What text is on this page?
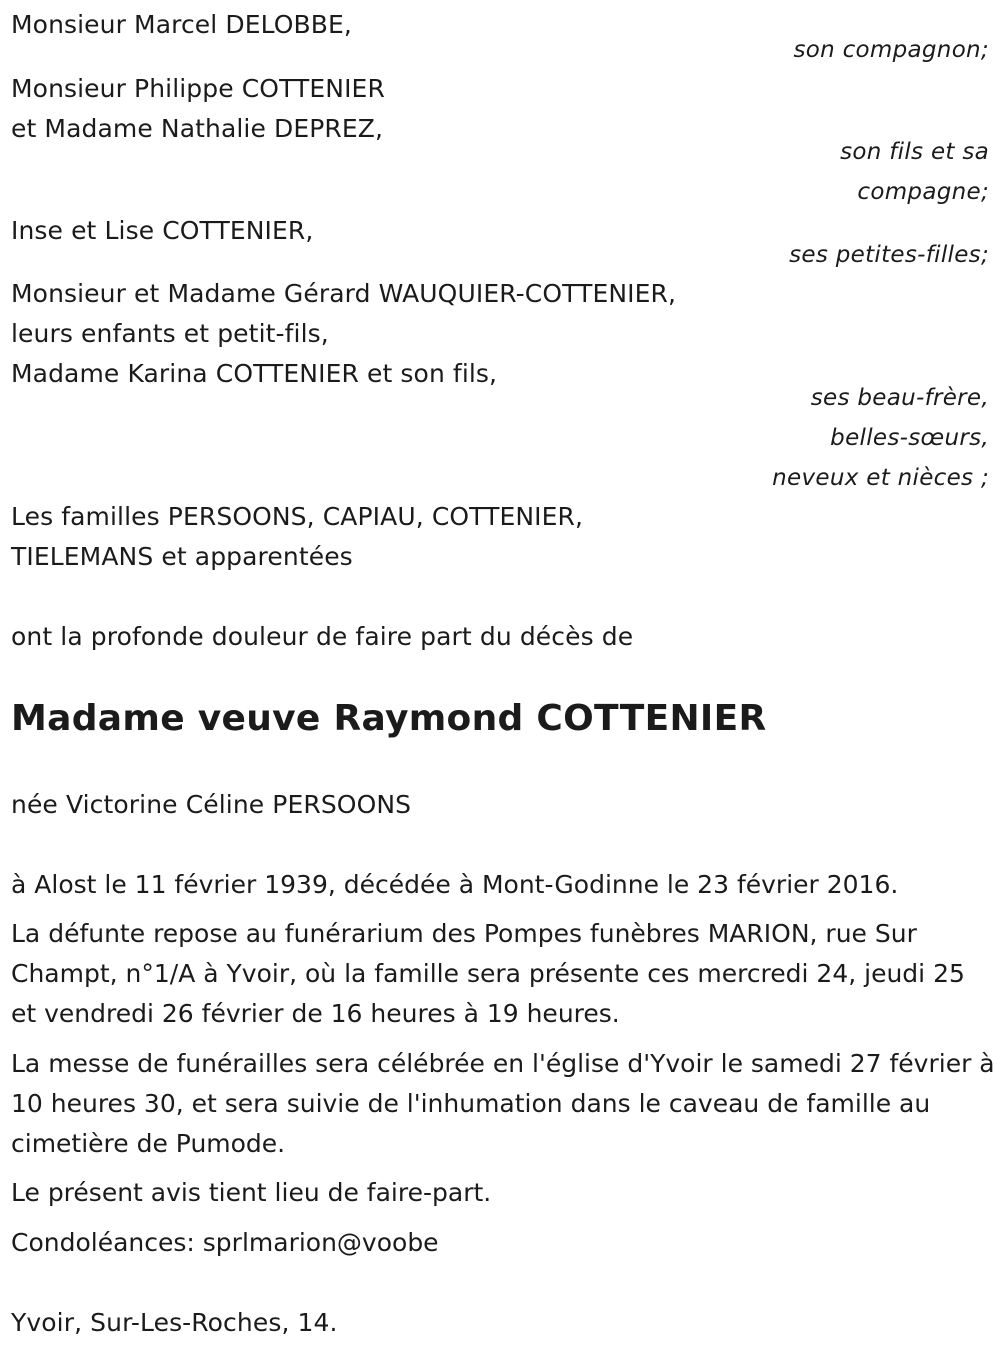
Monsieur Marcel DELOBBE,
son compagnon;
Monsieur Philippe COTTENIER
et Madame Nathalie DEPREZ,
son fils et sa
compagne;
Inse et Lise COTTENIER,
ses petites-filles;
Monsieur et Madame Gérard WAUQUIER-COTTENIER,
leurs enfants et petit-fils,
Madame Karina COTTENIER et son fils,
ses beau-frère,
belles-sœurs,
neveux et nièces ;
Les familles PERSOONS, CAPIAU, COTTENIER,
TIELEMANS et apparentées
ont la profonde douleur de faire part du décès de
Madame veuve Raymond COTTENIER
née Victorine Céline PERSOONS
à Alost le 11 février 1939, décédée à Mont-Godinne le 23 février 2016.
La défunte repose au funérarium des Pompes funèbres MARION, rue Sur Champt, n°1/A à Yvoir, où la famille sera présente ces mercredi 24, jeudi 25 et vendredi 26 février de 16 heures à 19 heures.
La messe de funérailles sera célébrée en l'église d'Yvoir le samedi 27 février à 10 heures 30, et sera suivie de l'inhumation dans le caveau de famille au cimetière de Pumode.
Le présent avis tient lieu de faire-part.
Condoléances: sprlmarion@voobe
Yvoir, Sur-Les-Roches, 14.
